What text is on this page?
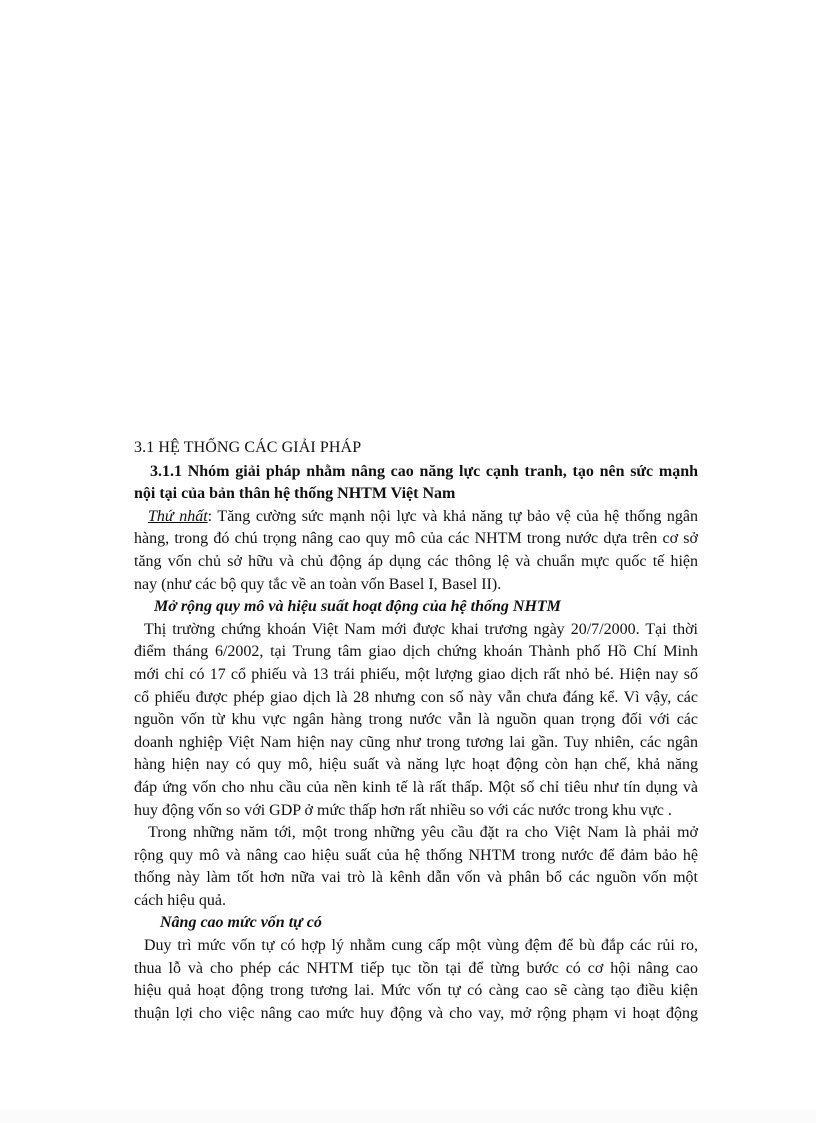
3.1 HỆ THỐNG CÁC GIẢI PHÁP
3.1.1 Nhóm giải pháp nhằm nâng cao năng lực cạnh tranh, tạo nên sức mạnh
nội tại của bản thân hệ thống NHTM Việt Nam
Thứ nhất: Tăng cường sức mạnh nội lực và khả năng tự bảo vệ của hệ thống ngân
hàng, trong đó chú trọng nâng cao quy mô của các NHTM trong nước dựa trên cơ sở
tăng vốn chủ sở hữu và chủ động áp dụng các thông lệ và chuẩn mực quốc tế hiện
nay (như các bộ quy tắc về an toàn vốn Basel I, Basel II).
Mở rộng quy mô và hiệu suất hoạt động của hệ thống NHTM
Thị trường chứng khoán Việt Nam mới được khai trương ngày 20/7/2000. Tại thời
điểm tháng 6/2002, tại Trung tâm giao dịch chứng khoán Thành phố Hồ Chí Minh
mới chỉ có 17 cổ phiếu và 13 trái phiếu, một lượng giao dịch rất nhỏ bé. Hiện nay số
cổ phiếu được phép giao dịch là 28 nhưng con số này vẫn chưa đáng kể. Vì vậy, các
nguồn vốn từ khu vực ngân hàng trong nước vẫn là nguồn quan trọng đối với các
doanh nghiệp Việt Nam hiện nay cũng như trong tương lai gần. Tuy nhiên, các ngân
hàng hiện nay có quy mô, hiệu suất và năng lực hoạt động còn hạn chế, khả năng
đáp ứng vốn cho nhu cầu của nền kinh tế là rất thấp. Một số chỉ tiêu như tín dụng và
huy động vốn so với GDP ở mức thấp hơn rất nhiều so với các nước trong khu vực .
Trong những năm tới, một trong những yêu cầu đặt ra cho Việt Nam là phải mở
rộng quy mô và nâng cao hiệu suất của hệ thống NHTM trong nước để đảm bảo hệ
thống này làm tốt hơn nữa vai trò là kênh dẫn vốn và phân bổ các nguồn vốn một
cách hiệu quả.
Nâng cao mức vốn tự có
Duy trì mức vốn tự có hợp lý nhằm cung cấp một vùng đệm để bù đắp các rủi ro,
thua lỗ và cho phép các NHTM tiếp tục tồn tại để từng bước có cơ hội nâng cao
hiệu quả hoạt động trong tương lai. Mức vốn tự có càng cao sẽ càng tạo điều kiện
thuận lợi cho việc nâng cao mức huy động và cho vay, mở rộng phạm vi hoạt động
